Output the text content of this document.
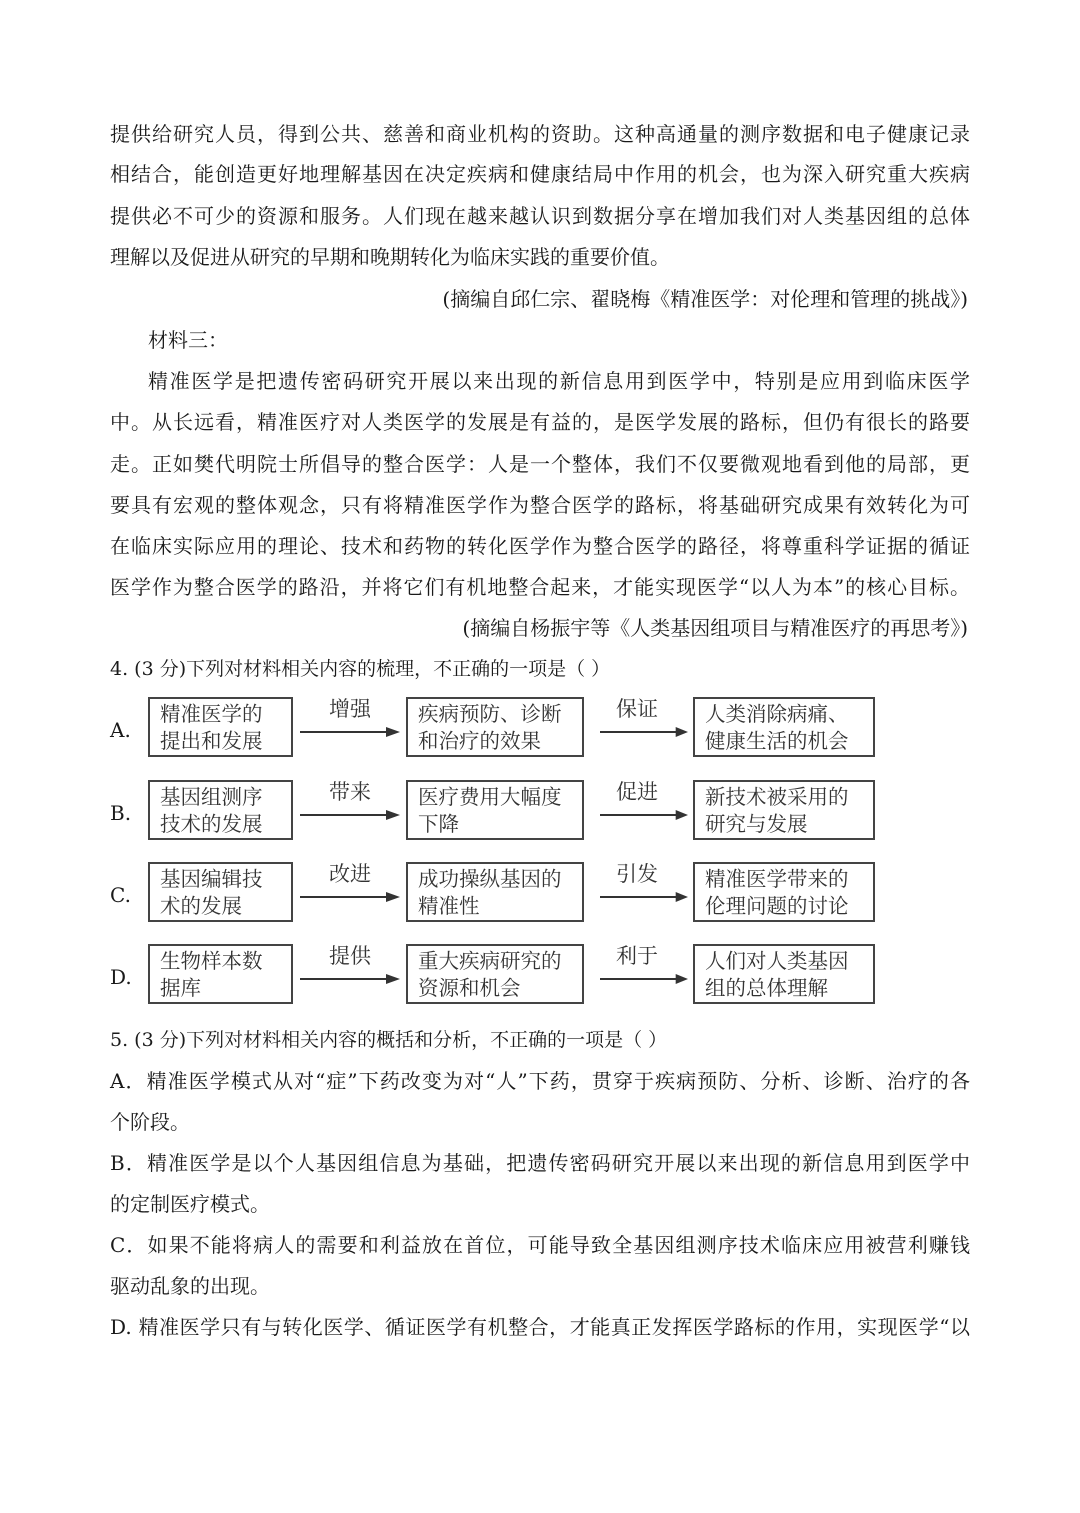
提供给研究人员，得到公共、慈善和商业机构的资助。这种高通量的测序数据和电子健康记录
相结合，能创造更好地理解基因在决定疾病和健康结局中作用的机会，也为深入研究重大疾病
提供必不可少的资源和服务。人们现在越来越认识到数据分享在增加我们对人类基因组的总体
理解以及促进从研究的早期和晚期转化为临床实践的重要价值。
(摘编自邱仁宗、翟晓梅《精准医学：对伦理和管理的挑战》)
材料三：
精准医学是把遗传密码研究开展以来出现的新信息用到医学中，特别是应用到临床医学
中。从长远看，精准医疗对人类医学的发展是有益的，是医学发展的路标，但仍有很长的路要
走。正如樊代明院士所倡导的整合医学：人是一个整体，我们不仅要微观地看到他的局部，更
要具有宏观的整体观念，只有将精准医学作为整合医学的路标，将基础研究成果有效转化为可
在临床实际应用的理论、技术和药物的转化医学作为整合医学的路径，将尊重科学证据的循证
医学作为整合医学的路沿，并将它们有机地整合起来，才能实现医学“以人为本”的核心目标。
(摘编自杨振宇等《人类基因组项目与精准医疗的再思考》)
4. (3 分)下列对材料相关内容的梳理，不正确的一项是（ ）
A.
精准医学的
提出和发展
增强	疾病预防、诊断
和治疗的效果
保证	人类消除病痛、
健康生活的机会
B.
基因组测序
技术的发展
带来	医疗费用大幅度
下降
促进	新技术被采用的
研究与发展
C.
基因编辑技
术的发展
改进	成功操纵基因的
精准性
引发	精准医学带来的
伦理问题的讨论
D.
生物样本数
据库
提供	重大疾病研究的
资源和机会
利于	人们对人类基因
组的总体理解
5. (3 分)下列对材料相关内容的概括和分析，不正确的一项是（ ）
A．精准医学模式从对“症”下药改变为对“人”下药，贯穿于疾病预防、分析、诊断、治疗的各
个阶段。
B．精准医学是以个人基因组信息为基础，把遗传密码研究开展以来出现的新信息用到医学中
的定制医疗模式。
C．如果不能将病人的需要和利益放在首位，可能导致全基因组测序技术临床应用被营利赚钱
驱动乱象的出现。
D. 精准医学只有与转化医学、循证医学有机整合，才能真正发挥医学路标的作用，实现医学“以
